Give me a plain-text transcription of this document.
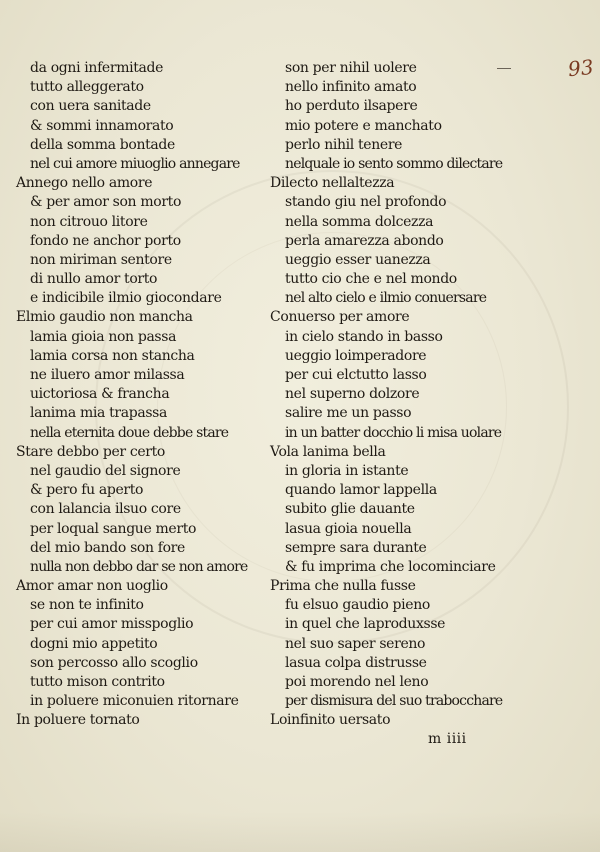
93
da ogni infermitade
tutto alleggerato
con uera sanitade
& sommi innamorato
della somma bontade
nel cui amore miuoglio annegare
Annego nello amore
& per amor son morto
non citrouo litore
fondo ne anchor porto
non miriman sentore
di nullo amor torto
e indicibile ilmio giocondare
Elmio gaudio non mancha
lamia gioia non passa
lamia corsa non stancha
ne iluero amor milassa
uictoriosa & francha
lanima mia trapassa
nella eternita doue debbe stare
Stare debbo per certo
nel gaudio del signore
& pero fu aperto
con lalancia ilsuo core
per loqual sangue merto
del mio bando son fore
nulla non debbo dar se non amore
Amor amar non uoglio
se non te infinito
per cui amor misspoglio
dogni mio appetito
son percosso allo scoglio
tutto mison contrito
in poluere miconuien ritornare
In poluere tornato
son per nihil uolere
nello infinito amato
ho perduto ilsapere
mio potere e manchato
perlo nihil tenere
nelquale io sento sommo dilectare
Dilecto nellaltezza
stando giu nel profondo
nella somma dolcezza
perla amarezza abondo
ueggio esser uanezza
tutto cio che e nel mondo
nel alto cielo e ilmio conuersare
Conuerso per amore
in cielo stando in basso
ueggio loimperadore
per cui elctutto lasso
nel superno dolzore
salire me un passo
in un batter docchio li misa uolare
Vola lanima bella
in gloria in istante
quando lamor lappella
subito glie dauante
lasua gioia nouella
sempre sara durante
& fu imprima che locominciare
Prima che nulla fusse
fu elsuo gaudio pieno
in quel che laproduxsse
nel suo saper sereno
lasua colpa distrusse
poi morendo nel leno
per dismisura del suo trabocchare
Loinfinito uersato
m iiii
